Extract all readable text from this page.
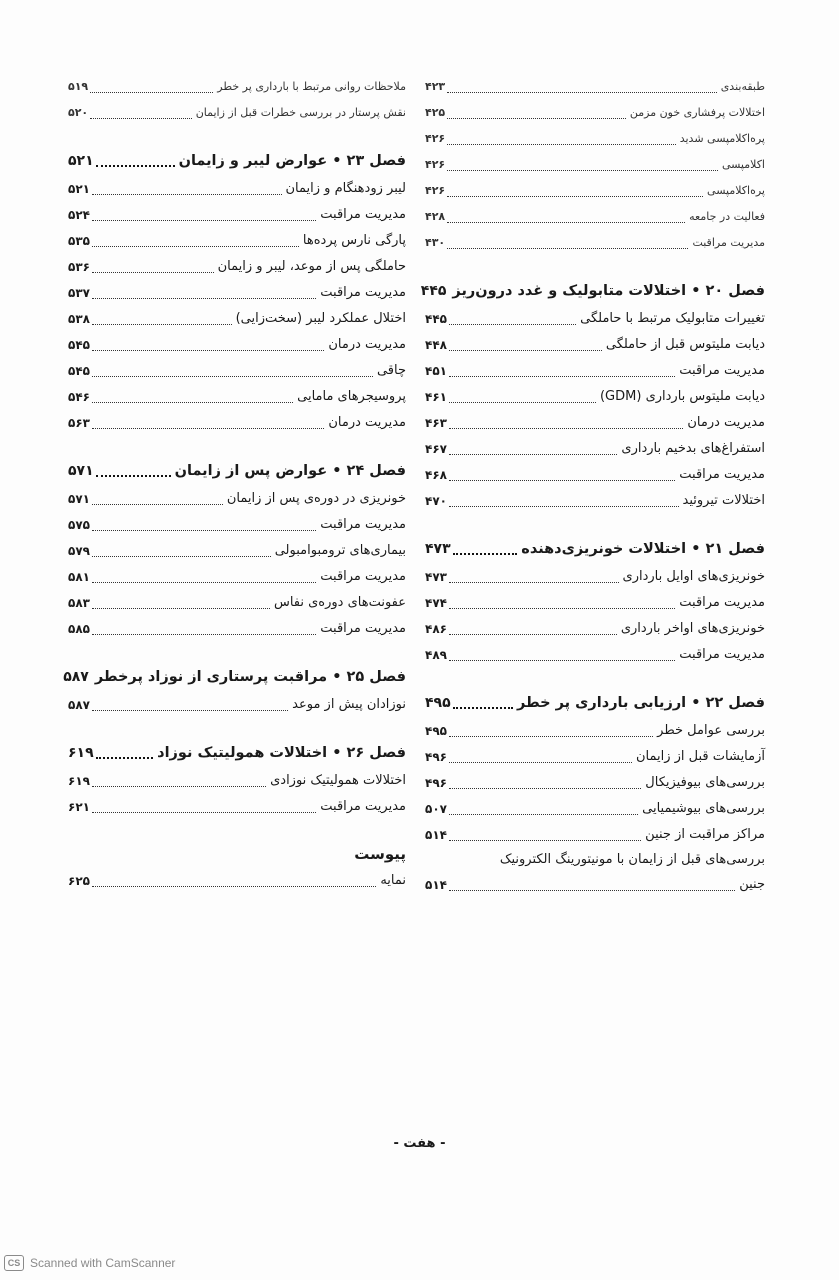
طبقه‌بندی
۴۲۳
اختلالات پرفشاری خون مزمن
۴۲۵
پره‌اکلامپسی شدید
۴۲۶
اکلامپسی
۴۲۶
پره‌اکلامپسی
۴۲۶
فعالیت در جامعه
۴۲۸
مدیریت مراقبت
۴۳۰
فصل ۲۰ • اختلالات متابولیک و غدد درون‌ریز
۴۴۵
تغییرات متابولیک مرتبط با حاملگی
۴۴۵
دیابت ملیتوس قبل از حاملگی
۴۴۸
مدیریت مراقبت
۴۵۱
دیابت ملیتوس بارداری (GDM)
۴۶۱
مدیریت درمان
۴۶۳
استفراغ‌های بدخیم بارداری
۴۶۷
مدیریت مراقبت
۴۶۸
اختلالات تیروئید
۴۷۰
فصل ۲۱ • اختلالات خونریزی‌دهنده
۴۷۳
خونریزی‌های اوایل بارداری
۴۷۳
مدیریت مراقبت
۴۷۴
خونریزی‌های اواخر بارداری
۴۸۶
مدیریت مراقبت
۴۸۹
فصل ۲۲ • ارزیابی بارداری پر خطر
۴۹۵
بررسی عوامل خطر
۴۹۵
آزمایشات قبل از زایمان
۴۹۶
بررسی‌های بیوفیزیکال
۴۹۶
بررسی‌های بیوشیمیایی
۵۰۷
مراکز مراقبت از جنین
۵۱۴
بررسی‌های قبل از زایمان با مونیتورینگ الکترونیک
جنین
۵۱۴
ملاحظات روانی مرتبط با بارداری پر خطر
۵۱۹
نقش پرستار در بررسی خطرات قبل از زایمان
۵۲۰
فصل ۲۳ • عوارض لیبر و زایمان
۵۲۱
لیبر زودهنگام و زایمان
۵۲۱
مدیریت مراقبت
۵۲۴
پارگی نارس پرده‌ها
۵۳۵
حاملگی پس از موعد، لیبر و زایمان
۵۳۶
مدیریت مراقبت
۵۳۷
اختلال عملکرد لیبر (سخت‌زایی)
۵۳۸
مدیریت درمان
۵۴۵
چاقی
۵۴۵
پروسیجرهای مامایی
۵۴۶
مدیریت درمان
۵۶۳
فصل ۲۴ • عوارض پس از زایمان
۵۷۱
خونریزی در دوره‌ی پس از زایمان
۵۷۱
مدیریت مراقبت
۵۷۵
بیماری‌های ترومبوامبولی
۵۷۹
مدیریت مراقبت
۵۸۱
عفونت‌های دوره‌ی نفاس
۵۸۳
مدیریت مراقبت
۵۸۵
فصل ۲۵ • مراقبت پرستاری از نوزاد پرخطر
۵۸۷
نوزادان پیش از موعد
۵۸۷
فصل ۲۶ • اختلالات همولیتیک نوزاد
۶۱۹
اختلالات همولیتیک نوزادی
۶۱۹
مدیریت مراقبت
۶۲۱
پیوست
نمایه
۶۲۵
- هفت -
CS Scanned with CamScanner
